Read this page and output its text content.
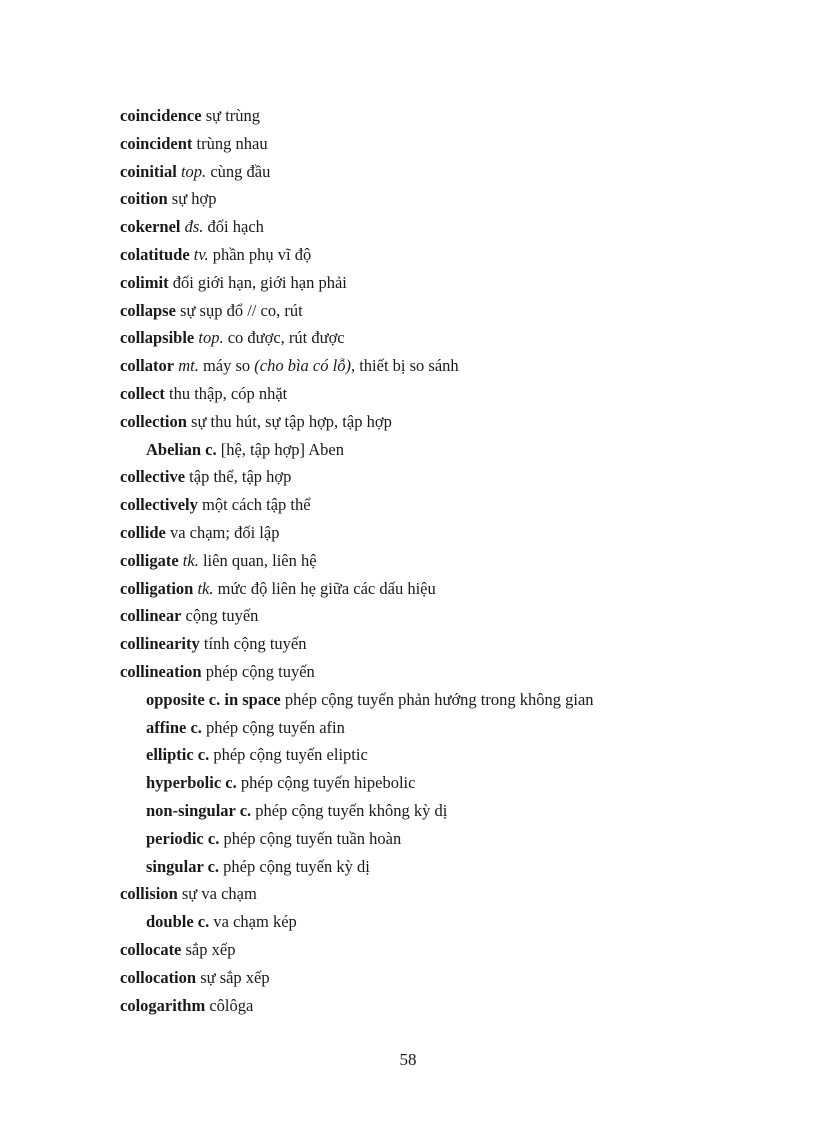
coincidence sự trùng
coincident trùng nhau
coinitial top. cùng đầu
coition sự hợp
cokernel đs. đối hạch
colatitude tv. phần phụ vĩ độ
colimit đối giới hạn, giới hạn phải
collapse sự sụp đổ // co, rút
collapsible top. co được, rút được
collator mt. máy so (cho bìa có lỗ), thiết bị so sánh
collect thu thập, cóp nhặt
collection sự thu hút, sự tập hợp, tập hợp
Abelian c. [hệ, tập hợp] Aben
collective tập thể, tập hợp
collectively một cách tập thể
collide va chạm; đối lập
colligate tk. liên quan, liên hệ
colligation tk. mức độ liên hẹ giữa các dấu hiệu
collinear cộng tuyến
collinearity tính cộng tuyến
collineation phép cộng tuyến
opposite c. in space phép cộng tuyến phản hướng trong không gian
affine c. phép cộng tuyến afin
elliptic c. phép cộng tuyến eliptic
hyperbolic c. phép cộng tuyến hipebolic
non-singular c. phép cộng tuyến không kỳ dị
periodic c. phép cộng tuyến tuần hoàn
singular c. phép cộng tuyến kỳ dị
collision sự va chạm
double c. va chạm kép
collocate sắp xếp
collocation sự sắp xếp
cologarithm côlôga
58
